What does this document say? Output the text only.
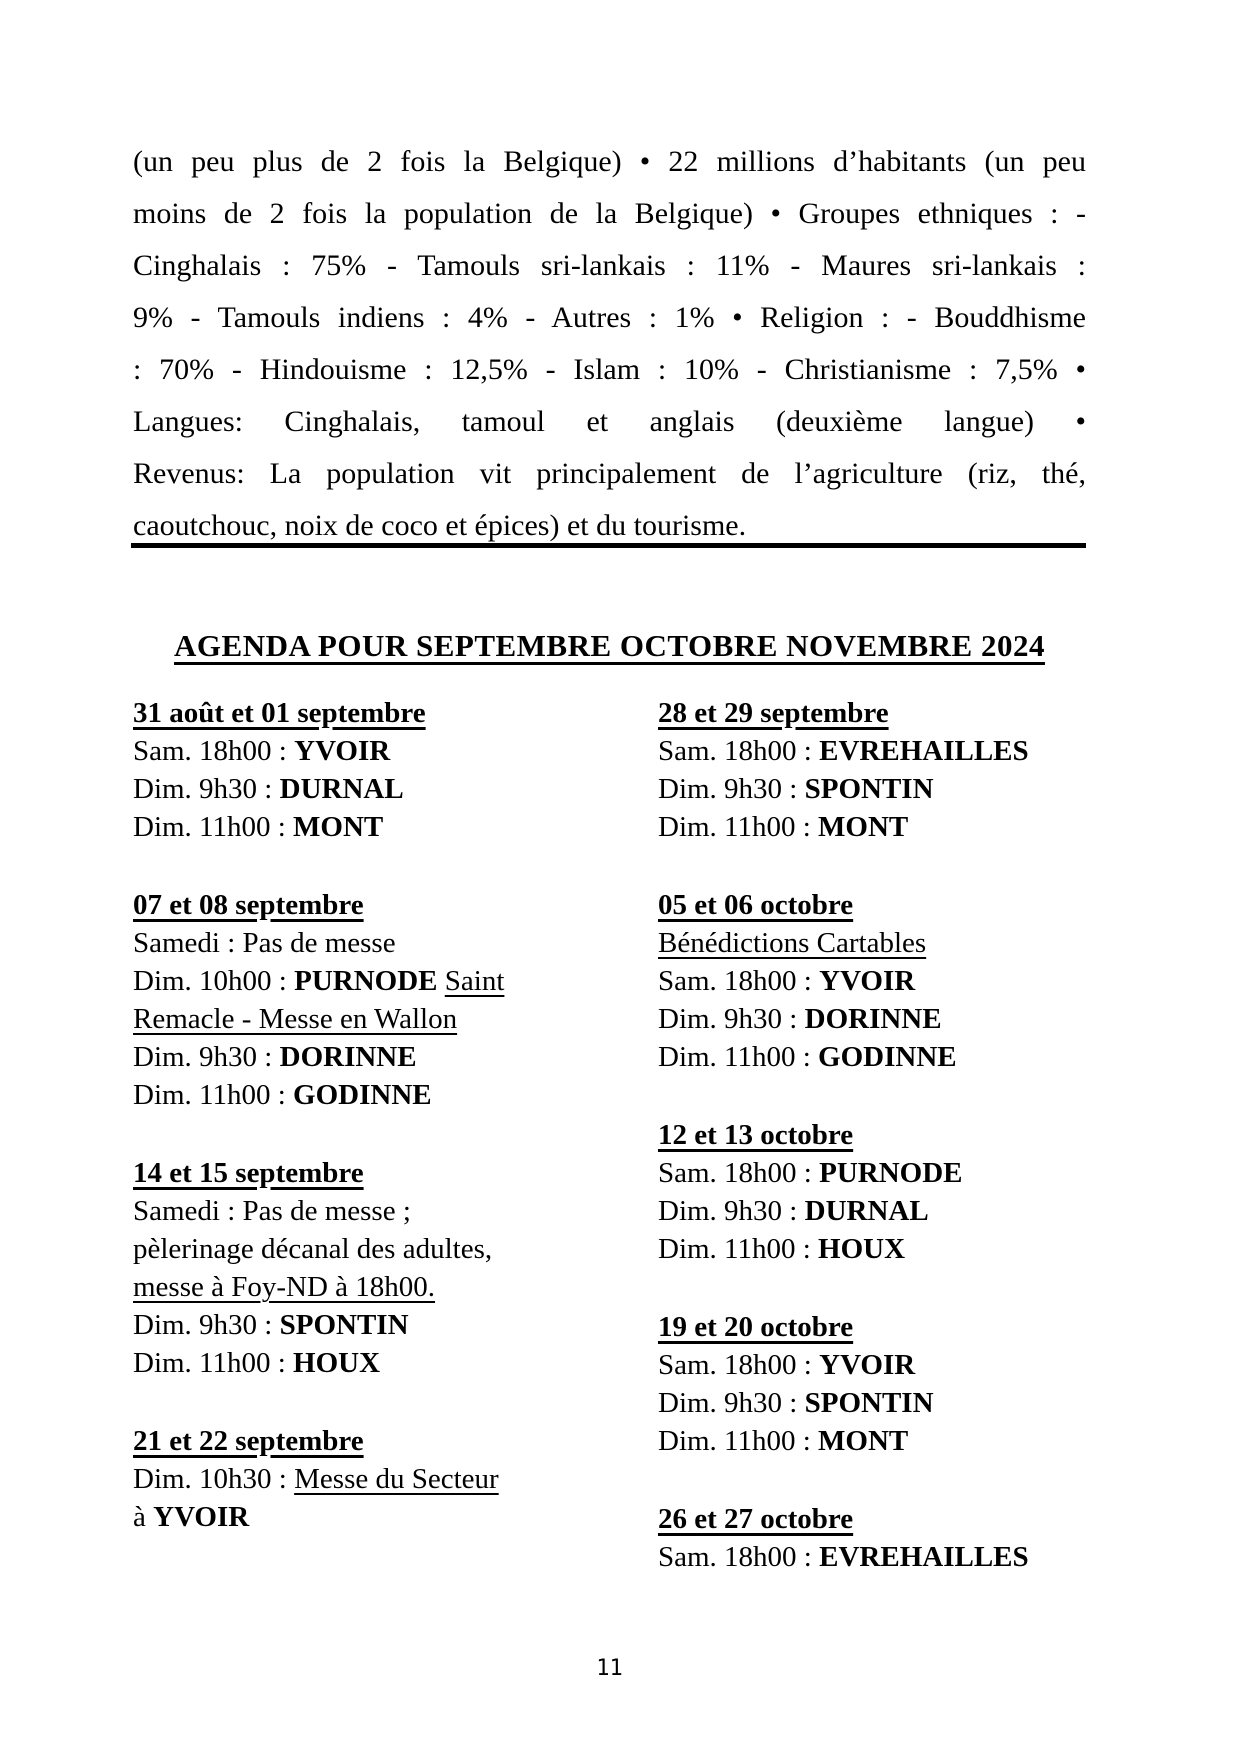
(un peu plus de 2 fois la Belgique) • 22 millions d’habitants (un peu
moins de 2 fois la population de la Belgique) • Groupes ethniques : -
Cinghalais : 75% - Tamouls sri-lankais : 11% - Maures sri-lankais :
9% - Tamouls indiens : 4% - Autres : 1% • Religion : - Bouddhisme
: 70% - Hindouisme : 12,5% - Islam : 10% - Christianisme : 7,5% •
Langues: Cinghalais, tamoul et anglais (deuxième langue) •
Revenus: La population vit principalement de l’agriculture (riz, thé,
caoutchouc, noix de coco et épices) et du tourisme.
AGENDA POUR SEPTEMBRE OCTOBRE NOVEMBRE 2024
31 août et 01 septembre
Sam. 18h00 : YVOIR
Dim. 9h30 : DURNAL
Dim. 11h00 : MONT
07 et 08 septembre
Samedi : Pas de messe
Dim. 10h00 : PURNODE Saint
Remacle - Messe en Wallon
Dim. 9h30 : DORINNE
Dim. 11h00 : GODINNE
14 et 15 septembre
Samedi : Pas de messe ;
pèlerinage décanal des adultes,
messe à Foy-ND à 18h00.
Dim. 9h30 : SPONTIN
Dim. 11h00 : HOUX
21 et 22 septembre
Dim. 10h30 : Messe du Secteur
à YVOIR
28 et 29 septembre
Sam. 18h00 : EVREHAILLES
Dim. 9h30 : SPONTIN
Dim. 11h00 : MONT
05 et 06 octobre
Bénédictions Cartables
Sam. 18h00 : YVOIR
Dim. 9h30 : DORINNE
Dim. 11h00 : GODINNE
12 et 13 octobre
Sam. 18h00 : PURNODE
Dim. 9h30 : DURNAL
Dim. 11h00 : HOUX
19 et 20 octobre
Sam. 18h00 : YVOIR
Dim. 9h30 : SPONTIN
Dim. 11h00 : MONT
26 et 27 octobre
Sam. 18h00 : EVREHAILLES
11
